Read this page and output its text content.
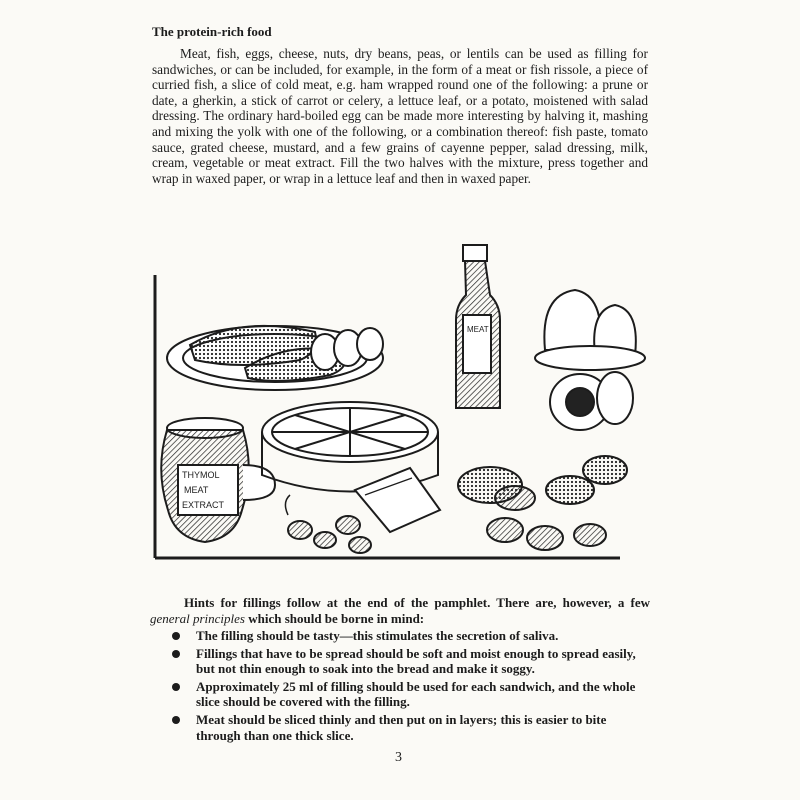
The protein-rich food

Meat, fish, eggs, cheese, nuts, dry beans, peas, or lentils can be used as filling for sandwiches, or can be included, for example, in the form of a meat or fish rissole, a piece of curried fish, a slice of cold meat, e.g. ham wrapped round one of the following: a prune or date, a gherkin, a stick of carrot or celery, a lettuce leaf, or a potato, moistened with salad dressing. The ordinary hard-boiled egg can be made more interesting by halving it, mashing and mixing the yolk with one of the following, or a combination thereof: fish paste, tomato sauce, grated cheese, mustard, and a few grains of cayenne pepper, salad dressing, milk, cream, vegetable or meat extract. Fill the two halves with the mixture, press together and wrap in waxed paper, or wrap in a lettuce leaf and then in waxed paper.

MEAT
THYMOL
MEAT
EXTRACT

Hints for fillings follow at the end of the pamphlet. There are, however, a few general principles which should be borne in mind:

The filling should be tasty—this stimulates the secretion of saliva.
Fillings that have to be spread should be soft and moist enough to spread easily, but not thin enough to soak into the bread and make it soggy.
Approximately 25 ml of filling should be used for each sandwich, and the whole slice should be covered with the filling.
Meat should be sliced thinly and then put on in layers; this is easier to bite through than one thick slice.
3
